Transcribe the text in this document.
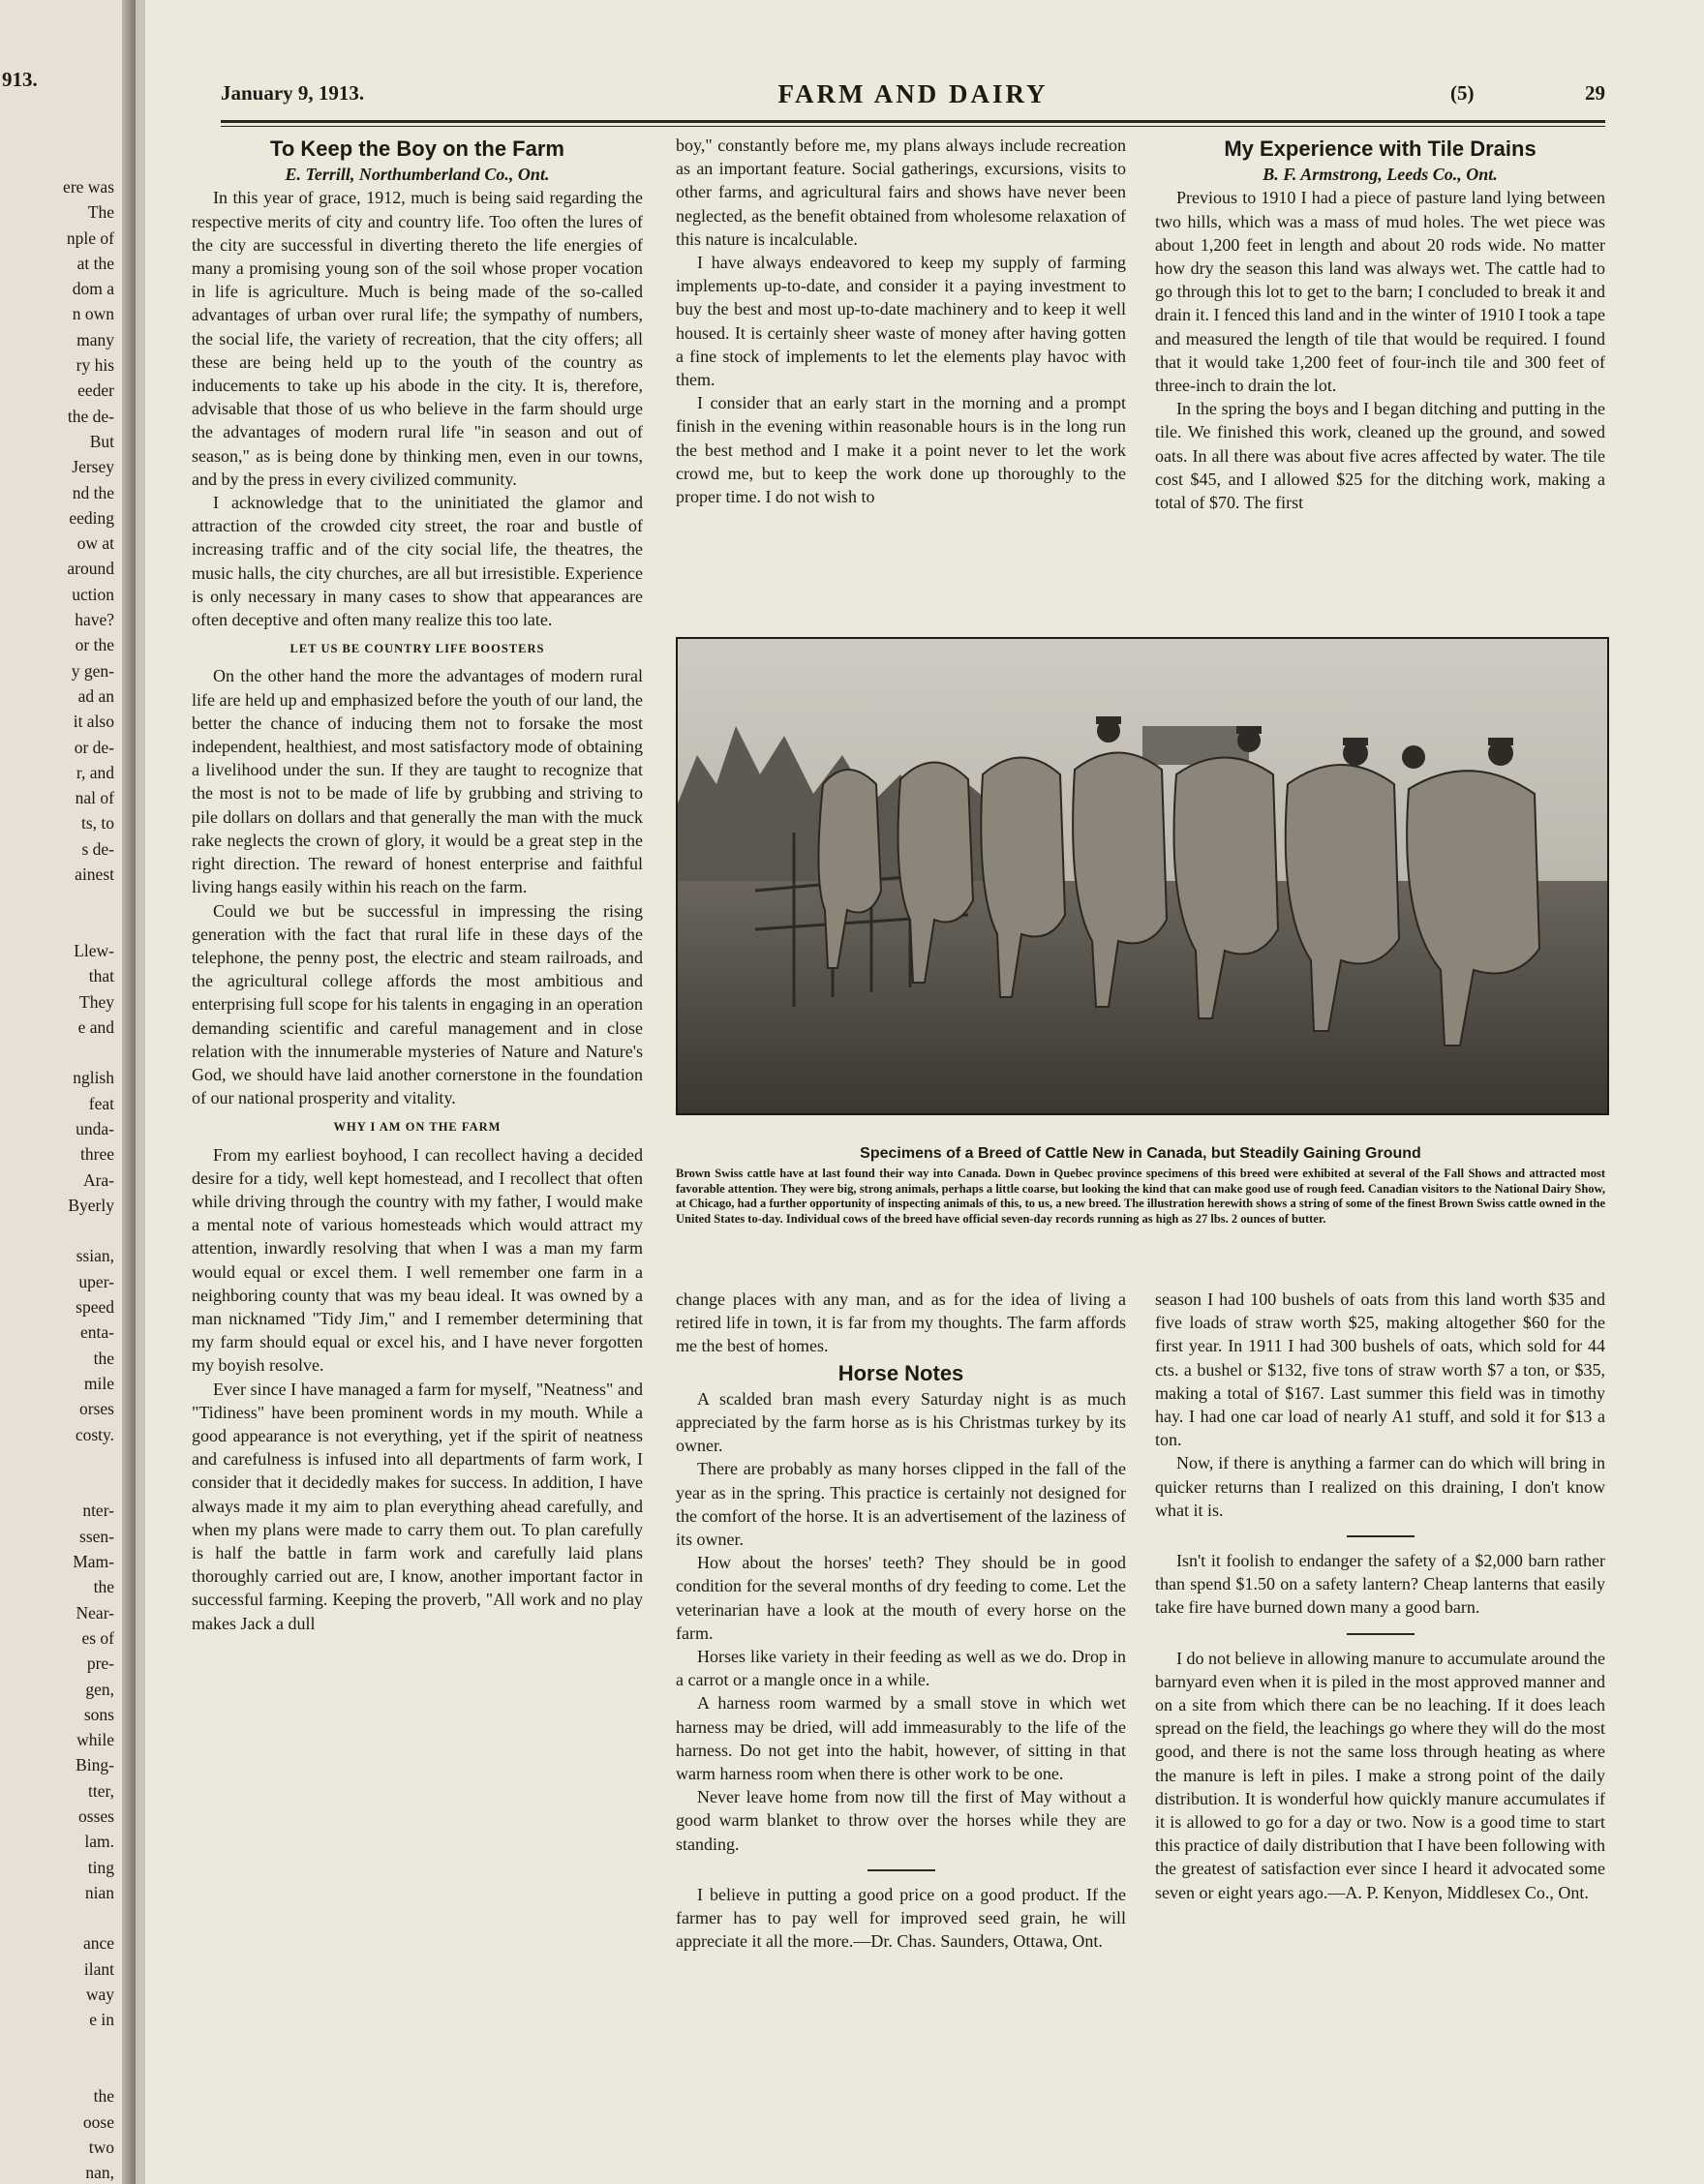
913.
ere was
The
nple of
at the
dom a
n own
many
ry his
eeder
the de-
But
Jersey
nd the
eeding
ow at
around
uction
have?
or the
y gen-
ad an
it also
or de-
r, and
nal of
ts, to
s de-
ainest

Llew-
that
They
e and

nglish
feat
unda-
three
Ara-
Byerly

ssian,
uper-
speed
enta-
the
mile
orses
costy.

nter-
ssen-
Mam-
the
Near-
es of
pre-
gen,
sons
while
Bing-
tter,
osses
lam.
ting
nian

ance
ilant
way
e in

the
oose
two
nan,
January 9, 1913.	FARM AND DAIRY	(5)	29
To Keep the Boy on the Farm

E. Terrill, Northumberland Co., Ont.

In this year of grace, 1912, much is being said regarding the respective merits of city and country life. Too often the lures of the city are successful in diverting thereto the life energies of many a promising young son of the soil whose proper vocation in life is agriculture. Much is being made of the so-called advantages of urban over rural life; the sympathy of numbers, the social life, the variety of recreation, that the city offers; all these are being held up to the youth of the country as inducements to take up his abode in the city. It is, therefore, advisable that those of us who believe in the farm should urge the advantages of modern rural life "in season and out of season," as is being done by thinking men, even in our towns, and by the press in every civilized community.

I acknowledge that to the uninitiated the glamor and attraction of the crowded city street, the roar and bustle of increasing traffic and of the city social life, the theatres, the music halls, the city churches, are all but irresistible. Experience is only necessary in many cases to show that appearances are often deceptive and often many realize this too late.

LET US BE COUNTRY LIFE BOOSTERS

On the other hand the more the advantages of modern rural life are held up and emphasized before the youth of our land, the better the chance of inducing them not to forsake the most independent, healthiest, and most satisfactory mode of obtaining a livelihood under the sun. If they are taught to recognize that the most is not to be made of life by grubbing and striving to pile dollars on dollars and that generally the man with the muck rake neglects the crown of glory, it would be a great step in the right direction. The reward of honest enterprise and faithful living hangs easily within his reach on the farm.

Could we but be successful in impressing the rising generation with the fact that rural life in these days of the telephone, the penny post, the electric and steam railroads, and the agricultural college affords the most ambitious and enterprising full scope for his talents in engaging in an operation demanding scientific and careful management and in close relation with the innumerable mysteries of Nature and Nature's God, we should have laid another cornerstone in the foundation of our national prosperity and vitality.

WHY I AM ON THE FARM

From my earliest boyhood, I can recollect having a decided desire for a tidy, well kept homestead, and I recollect that often while driving through the country with my father, I would make a mental note of various homesteads which would attract my attention, inwardly resolving that when I was a man my farm would equal or excel them. I well remember one farm in a neighboring county that was my beau ideal. It was owned by a man nicknamed "Tidy Jim," and I remember determining that my farm should equal or excel his, and I have never forgotten my boyish resolve.

Ever since I have managed a farm for myself, "Neatness" and "Tidiness" have been prominent words in my mouth. While a good appearance is not everything, yet if the spirit of neatness and carefulness is infused into all departments of farm work, I consider that it decidedly makes for success. In addition, I have always made it my aim to plan everything ahead carefully, and when my plans were made to carry them out. To plan carefully is half the battle in farm work and carefully laid plans thoroughly carried out are, I know, another important factor in successful farming. Keeping the proverb, "All work and no play makes Jack a dull

boy," constantly before me, my plans always include recreation as an important feature. Social gatherings, excursions, visits to other farms, and agricultural fairs and shows have never been neglected, as the benefit obtained from wholesome relaxation of this nature is incalculable.

I have always endeavored to keep my supply of farming implements up-to-date, and consider it a paying investment to buy the best and most up-to-date machinery and to keep it well housed. It is certainly sheer waste of money after having gotten a fine stock of implements to let the elements play havoc with them.

I consider that an early start in the morning and a prompt finish in the evening within reasonable hours is in the long run the best method and I make it a point never to let the work crowd me, but to keep the work done up thoroughly to the proper time. I do not wish to

My Experience with Tile Drains

B. F. Armstrong, Leeds Co., Ont.

Previous to 1910 I had a piece of pasture land lying between two hills, which was a mass of mud holes. The wet piece was about 1,200 feet in length and about 20 rods wide. No matter how dry the season this land was always wet. The cattle had to go through this lot to get to the barn; I concluded to break it and drain it. I fenced this land and in the winter of 1910 I took a tape and measured the length of tile that would be required. I found that it would take 1,200 feet of four-inch tile and 300 feet of three-inch to drain the lot.

In the spring the boys and I began ditching and putting in the tile. We finished this work, cleaned up the ground, and sowed oats. In all there was about five acres affected by water. The tile cost $45, and I allowed $25 for the ditching work, making a total of $70. The first

Specimens of a Breed of Cattle New in Canada, but Steadily Gaining Ground
Brown Swiss cattle have at last found their way into Canada. Down in Quebec province specimens of this breed were exhibited at several of the Fall Shows and attracted most favorable attention. They were big, strong animals, perhaps a little coarse, but looking the kind that can make good use of rough feed. Canadian visitors to the National Dairy Show, at Chicago, had a further opportunity of inspecting animals of this, to us, a new breed. The illustration herewith shows a string of some of the finest Brown Swiss cattle owned in the United States to-day. Individual cows of the breed have official seven-day records running as high as 27 lbs. 2 ounces of butter.

change places with any man, and as for the idea of living a retired life in town, it is far from my thoughts. The farm affords me the best of homes.

Horse Notes

A scalded bran mash every Saturday night is as much appreciated by the farm horse as is his Christmas turkey by its owner.

There are probably as many horses clipped in the fall of the year as in the spring. This practice is certainly not designed for the comfort of the horse. It is an advertisement of the laziness of its owner.

How about the horses' teeth? They should be in good condition for the several months of dry feeding to come. Let the veterinarian have a look at the mouth of every horse on the farm.

Horses like variety in their feeding as well as we do. Drop in a carrot or a mangle once in a while.

A harness room warmed by a small stove in which wet harness may be dried, will add immeasurably to the life of the harness. Do not get into the habit, however, of sitting in that warm harness room when there is other work to be one.

Never leave home from now till the first of May without a good warm blanket to throw over the horses while they are standing.

I believe in putting a good price on a good product. If the farmer has to pay well for improved seed grain, he will appreciate it all the more.—Dr. Chas. Saunders, Ottawa, Ont.

season I had 100 bushels of oats from this land worth $35 and five loads of straw worth $25, making altogether $60 for the first year. In 1911 I had 300 bushels of oats, which sold for 44 cts. a bushel or $132, five tons of straw worth $7 a ton, or $35, making a total of $167. Last summer this field was in timothy hay. I had one car load of nearly A1 stuff, and sold it for $13 a ton.

Now, if there is anything a farmer can do which will bring in quicker returns than I realized on this draining, I don't know what it is.

Isn't it foolish to endanger the safety of a $2,000 barn rather than spend $1.50 on a safety lantern? Cheap lanterns that easily take fire have burned down many a good barn.

I do not believe in allowing manure to accumulate around the barnyard even when it is piled in the most approved manner and on a site from which there can be no leaching. If it does leach spread on the field, the leachings go where they will do the most good, and there is not the same loss through heating as where the manure is left in piles. I make a strong point of the daily distribution. It is wonderful how quickly manure accumulates if it is allowed to go for a day or two. Now is a good time to start this practice of daily distribution that I have been following with the greatest of satisfaction ever since I heard it advocated some seven or eight years ago.—A. P. Kenyon, Middlesex Co., Ont.
